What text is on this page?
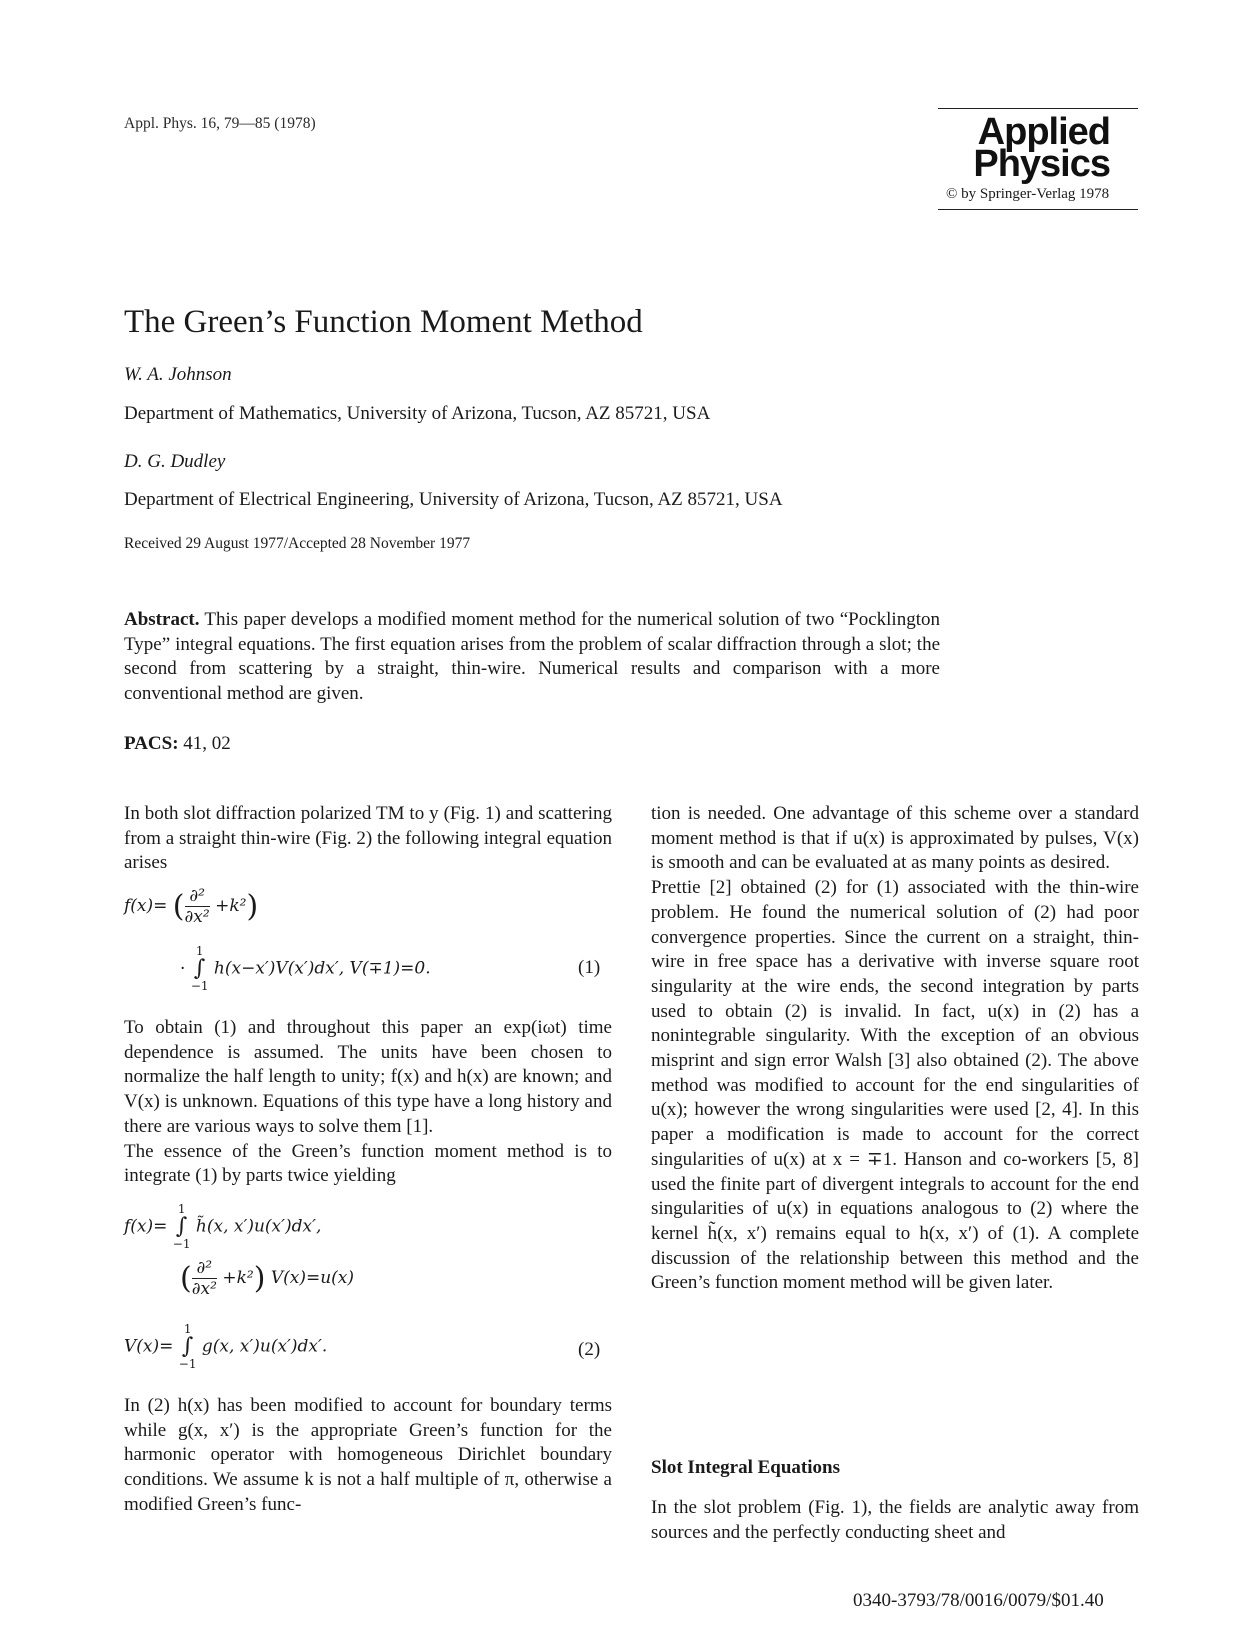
Appl. Phys. 16, 79—85 (1978)	Applied
Physics
© by Springer-Verlag 1978
The Green’s Function Moment Method
W. A. Johnson
Department of Mathematics, University of Arizona, Tucson, AZ 85721, USA
D. G. Dudley
Department of Electrical Engineering, University of Arizona, Tucson, AZ 85721, USA
Received 29 August 1977/Accepted 28 November 1977
Abstract. This paper develops a modified moment method for the numerical solution of two “Pocklington Type” integral equations. The first equation arises from the problem of scalar diffraction through a slot; the second from scattering by a straight, thin-wire. Numerical results and comparison with a more conventional method are given.
PACS: 41, 02

In both slot diffraction polarized TM to y (Fig. 1) and scattering from a straight thin-wire (Fig. 2) the following integral equation arises

f(x)= ( $\frac{\text{∂²}}{\text{∂x²}} +k^2$)
·
1
∫
−1
h(x−x′)V(x′)dx′, V(∓1)=0.	(1)

To obtain (1) and throughout this paper an exp(iωt) time dependence is assumed. The units have been chosen to normalize the half length to unity; f(x) and h(x) are known; and V(x) is unknown. Equations of this type have a long history and there are various ways to solve them [1].

The essence of the Green’s function moment method is to integrate (1) by parts twice yielding

f(x)=
1
∫
−1
h̃(x, x′)u(x′)dx′,
( $\frac{\text{∂²}}{\text{∂x²}} +k^2$) V(x)=u(x)
V(x)=
1
∫
−1
g(x, x′)u(x′)dx′.	(2)

In (2) h(x) has been modified to account for boundary terms while g(x, x′) is the appropriate Green’s function for the harmonic operator with homogeneous Dirichlet boundary conditions. We assume k is not a half multiple of π, otherwise a modified Green’s func-

tion is needed. One advantage of this scheme over a standard moment method is that if u(x) is approximated by pulses, V(x) is smooth and can be evaluated at as many points as desired.

Prettie [2] obtained (2) for (1) associated with the thin-wire problem. He found the numerical solution of (2) had poor convergence properties. Since the current on a straight, thin-wire in free space has a derivative with inverse square root singularity at the wire ends, the second integration by parts used to obtain (2) is invalid. In fact, u(x) in (2) has a nonintegrable singularity. With the exception of an obvious misprint and sign error Walsh [3] also obtained (2). The above method was modified to account for the end singularities of u(x); however the wrong singularities were used [2, 4]. In this paper a modification is made to account for the correct singularities of u(x) at x = ∓1. Hanson and co-workers [5, 8] used the finite part of divergent integrals to account for the end singularities of u(x) in equations analogous to (2) where the kernel h̃(x, x′) remains equal to h(x, x′) of (1). A complete discussion of the relationship between this method and the Green’s function moment method will be given later.

Slot Integral Equations

In the slot problem (Fig. 1), the fields are analytic away from sources and the perfectly conducting sheet and

0340-3793/78/0016/0079/$01.40
